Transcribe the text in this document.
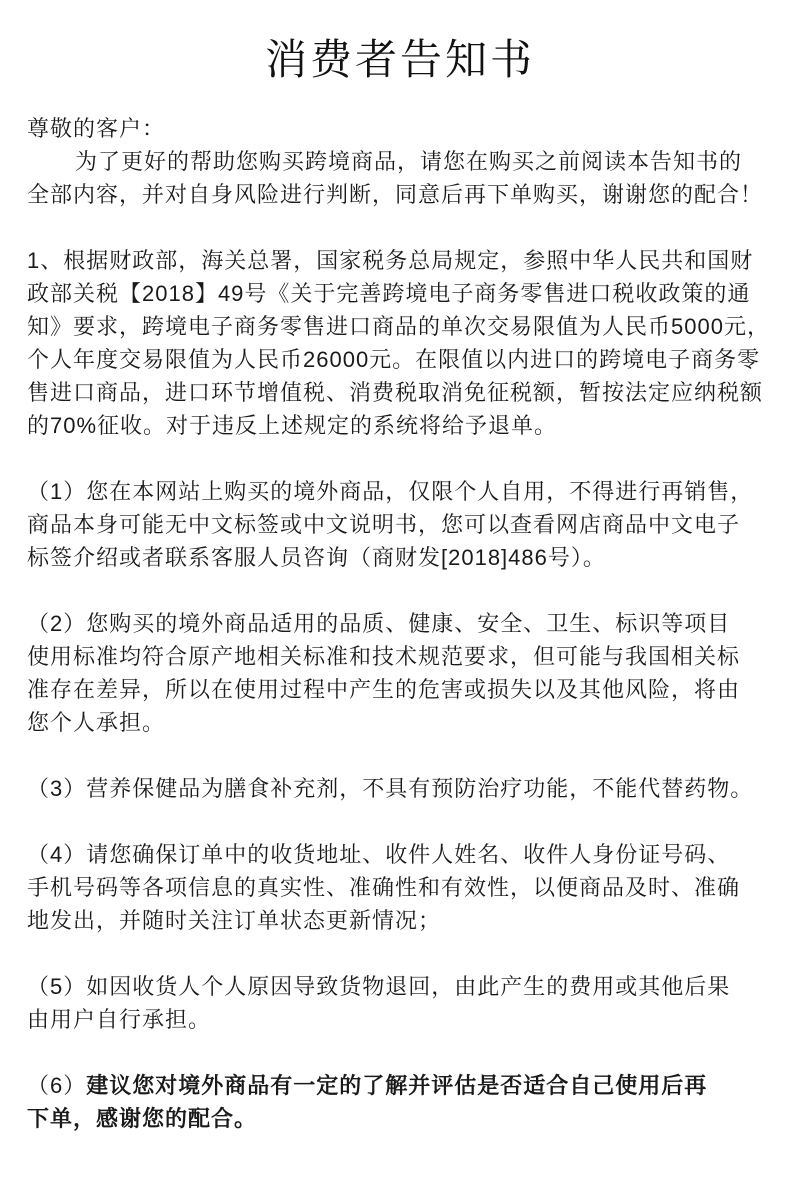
消费者告知书
尊敬的客户：
为了更好的帮助您购买跨境商品，请您在购买之前阅读本告知书的
全部内容，并对自身风险进行判断，同意后再下单购买，谢谢您的配合！
1、根据财政部，海关总署，国家税务总局规定，参照中华人民共和国财
政部关税【2018】49号《关于完善跨境电子商务零售进口税收政策的通
知》要求，跨境电子商务零售进口商品的单次交易限值为人民币5000元，
个人年度交易限值为人民币26000元。在限值以内进口的跨境电子商务零
售进口商品，进口环节增值税、消费税取消免征税额，暂按法定应纳税额
的70%征收。对于违反上述规定的系统将给予退单。
（1）您在本网站上购买的境外商品，仅限个人自用，不得进行再销售，
商品本身可能无中文标签或中文说明书，您可以查看网店商品中文电子
标签介绍或者联系客服人员咨询（商财发[2018]486号）。
（2）您购买的境外商品适用的品质、健康、安全、卫生、标识等项目
使用标准均符合原产地相关标准和技术规范要求，但可能与我国相关标
准存在差异，所以在使用过程中产生的危害或损失以及其他风险，将由
您个人承担。
（3）营养保健品为膳食补充剂，不具有预防治疗功能，不能代替药物。
（4）请您确保订单中的收货地址、收件人姓名、收件人身份证号码、
手机号码等各项信息的真实性、准确性和有效性，以便商品及时、准确
地发出，并随时关注订单状态更新情况；
（5）如因收货人个人原因导致货物退回，由此产生的费用或其他后果
由用户自行承担。
（6）建议您对境外商品有一定的了解并评估是否适合自己使用后再
下单，感谢您的配合。
